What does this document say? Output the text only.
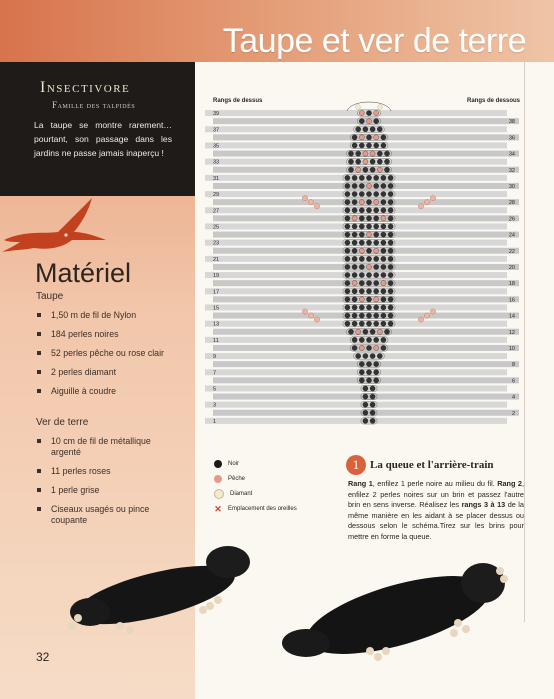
Taupe et ver de terre
Insectivore
Famille des talpidés
La taupe se montre rarement… pourtant, son passage dans les jardins ne passe jamais inaperçu !
Matériel
Taupe
1,50 m de fil de Nylon
184 perles noires
52 perles pêche ou rose clair
2 perles diamant
Aiguille à coudre
Ver de terre
10 cm de fil de métallique argenté
11 perles roses
1 perle grise
Ciseaux usagés ou pince coupante
Rangs de dessus	Rangs de dessous
39
37
35
33
31
29
27
25
23
21
19
17
15
13
11
9
7
5
3
1
38
36
34
32
30
28
26
24
22
20
18
16
14
12
10
8
6
4
2
Noir
Pêche
Diamant
✕ Emplacement des oreilles
1 La queue et l'arrière-train
Rang 1, enfilez 1 perle noire au milieu du fil. Rang 2, enfilez 2 perles noires sur un brin et passez l'autre brin en sens inverse. Réalisez les rangs 3 à 13 de la même manière en les aidant à se placer dessus ou dessous selon le schéma.Tirez sur les brins pour mettre en forme la queue.
32
